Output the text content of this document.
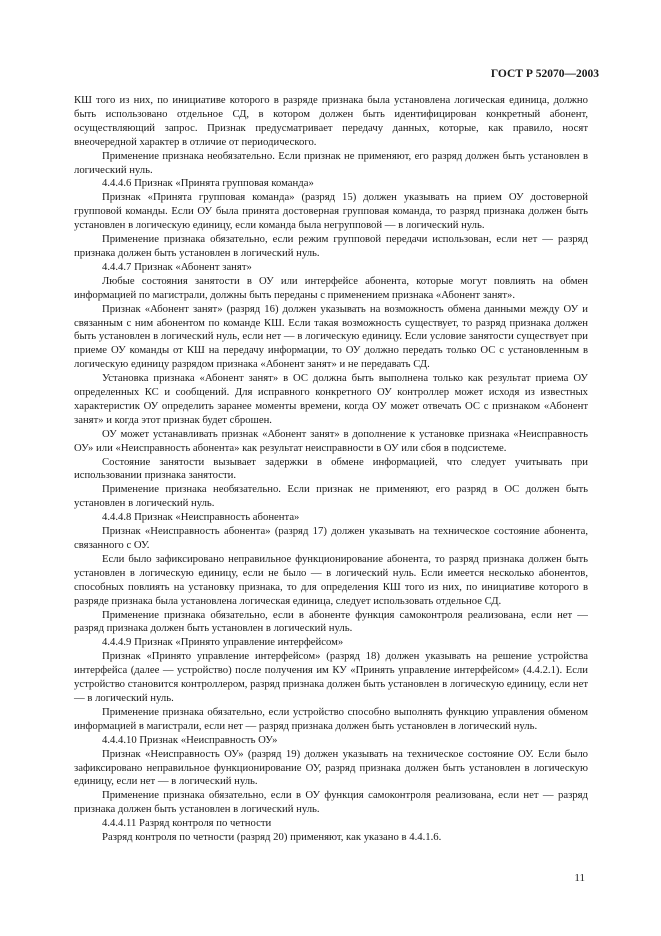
ГОСТ Р 52070—2003

КШ того из них, по инициативе которого в разряде признака была установлена логическая единица, должно быть использовано отдельное СД, в котором должен быть идентифицирован конкретный абонент, осуществляющий запрос. Признак предусматривает передачу данных, которые, как правило, носят внеочередной характер в отличие от периодического.

Применение признака необязательно. Если признак не применяют, его разряд должен быть установлен в логический нуль.

4.4.4.6 Признак «Принята групповая команда»

Признак «Принята групповая команда» (разряд 15) должен указывать на прием ОУ достоверной групповой команды. Если ОУ была принята достоверная групповая команда, то разряд признака должен быть установлен в логическую единицу, если команда была негрупповой — в логический нуль.

Применение признака обязательно, если режим групповой передачи использован, если нет — разряд признака должен быть установлен в логический нуль.

4.4.4.7 Признак «Абонент занят»

Любые состояния занятости в ОУ или интерфейсе абонента, которые могут повлиять на обмен информацией по магистрали, должны быть переданы с применением признака «Абонент занят».

Признак «Абонент занят» (разряд 16) должен указывать на возможность обмена данными между ОУ и связанным с ним абонентом по команде КШ. Если такая возможность существует, то разряд признака должен быть установлен в логический нуль, если нет — в логическую единицу. Если условие занятости существует при приеме ОУ команды от КШ на передачу информации, то ОУ должно передать только ОС с установленным в логическую единицу разрядом признака «Абонент занят» и не передавать СД.

Установка признака «Абонент занят» в ОС должна быть выполнена только как результат приема ОУ определенных КС и сообщений. Для исправного конкретного ОУ контроллер может исходя из известных характеристик ОУ определить заранее моменты времени, когда ОУ может отвечать ОС с признаком «Абонент занят» и когда этот признак будет сброшен.

ОУ может устанавливать признак «Абонент занят» в дополнение к установке признака «Неисправность ОУ» или «Неисправность абонента» как результат неисправности в ОУ или сбоя в подсистеме.

Состояние занятости вызывает задержки в обмене информацией, что следует учитывать при использовании признака занятости.

Применение признака необязательно. Если признак не применяют, его разряд в ОС должен быть установлен в логический нуль.

4.4.4.8 Признак «Неисправность абонента»

Признак «Неисправность абонента» (разряд 17) должен указывать на техническое состояние абонента, связанного с ОУ.

Если было зафиксировано неправильное функционирование абонента, то разряд признака должен быть установлен в логическую единицу, если не было — в логический нуль. Если имеется несколько абонентов, способных повлиять на установку признака, то для определения КШ того из них, по инициативе которого в разряде признака была установлена логическая единица, следует использовать отдельное СД.

Применение признака обязательно, если в абоненте функция самоконтроля реализована, если нет — разряд признака должен быть установлен в логический нуль.

4.4.4.9 Признак «Принято управление интерфейсом»

Признак «Принято управление интерфейсом» (разряд 18) должен указывать на решение устройства интерфейса (далее — устройство) после получения им КУ «Принять управление интерфейсом» (4.4.2.1). Если устройство становится контроллером, разряд признака должен быть установлен в логическую единицу, если нет — в логический нуль.

Применение признака обязательно, если устройство способно выполнять функцию управления обменом информацией в магистрали, если нет — разряд признака должен быть установлен в логический нуль.

4.4.4.10 Признак «Неисправность ОУ»

Признак «Неисправность ОУ» (разряд 19) должен указывать на техническое состояние ОУ. Если было зафиксировано неправильное функционирование ОУ, разряд признака должен быть установлен в логическую единицу, если нет — в логический нуль.

Применение признака обязательно, если в ОУ функция самоконтроля реализована, если нет — разряд признака должен быть установлен в логический нуль.

4.4.4.11 Разряд контроля по четности

Разряд контроля по четности (разряд 20) применяют, как указано в 4.4.1.6.

11
